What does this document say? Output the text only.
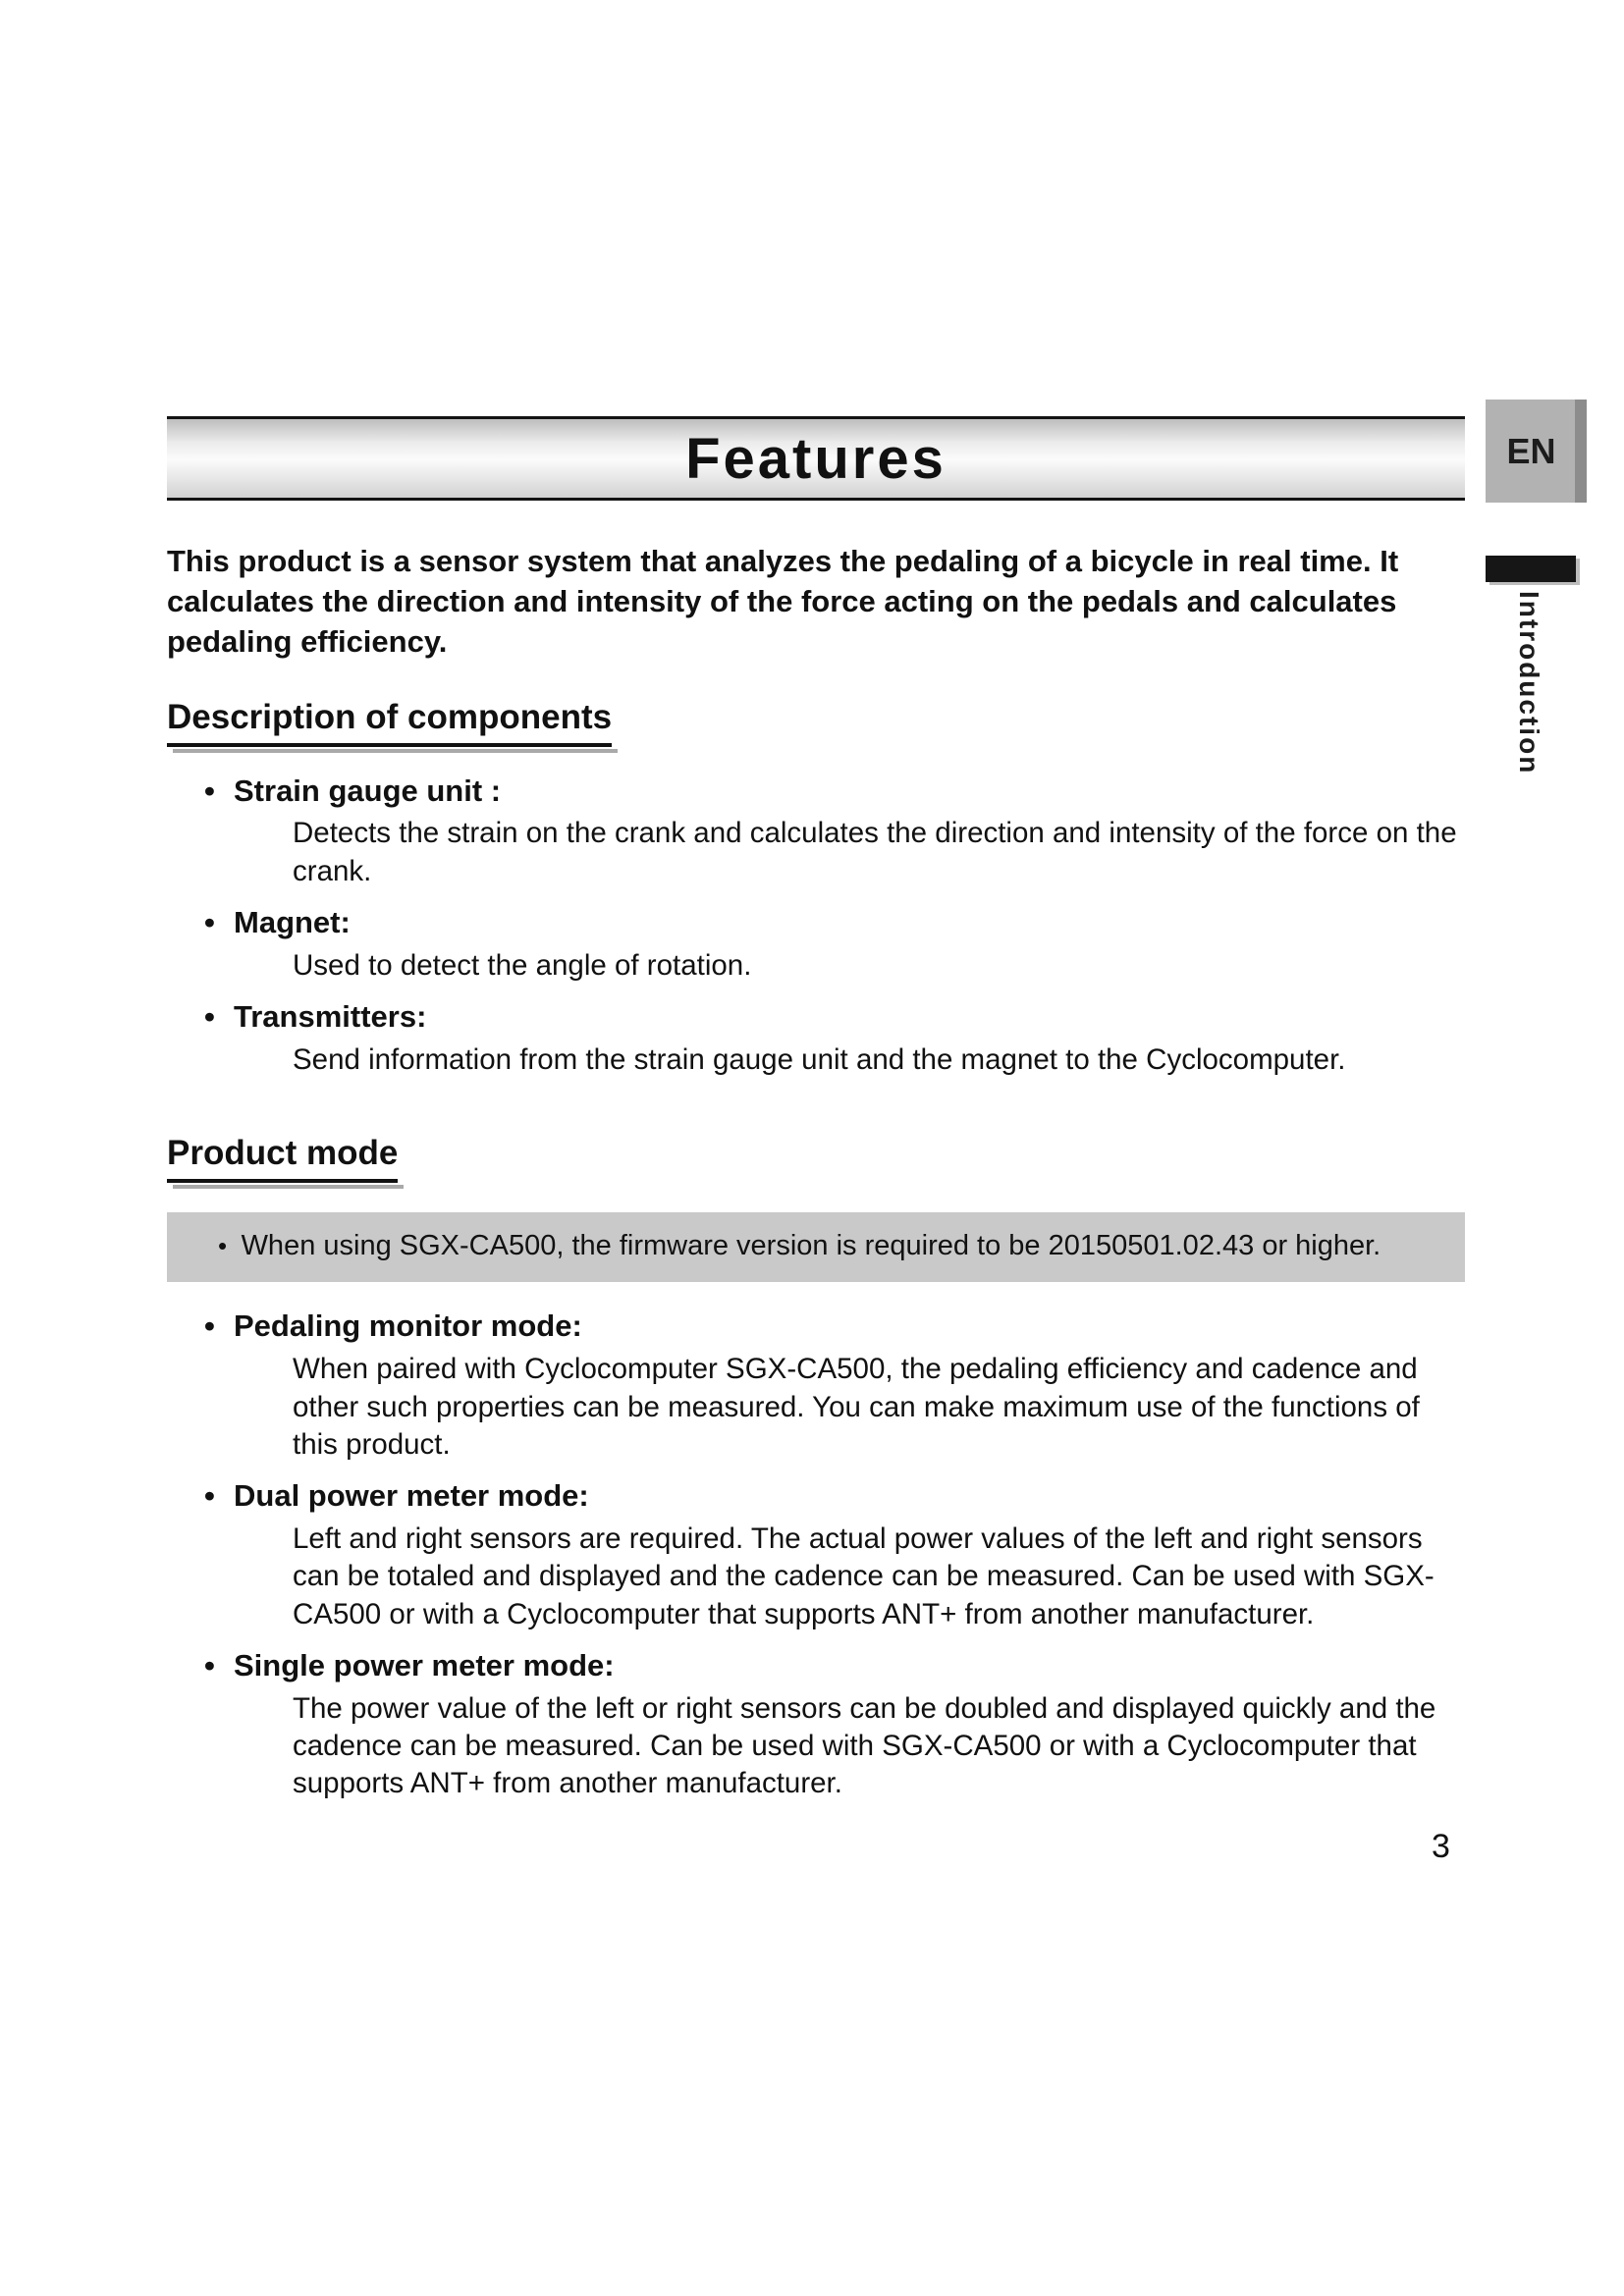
EN
Introduction
Features

This product is a sensor system that analyzes the pedaling of a bicycle in real time. It calculates the direction and intensity of the force acting on the pedals and calculates pedaling efficiency.

Description of components
• Strain gauge unit :
Detects the strain on the crank and calculates the direction and intensity of the force on the crank.
• Magnet:
Used to detect the angle of rotation.
• Transmitters:
Send information from the strain gauge unit and the magnet to the Cyclocomputer.
Product mode
•  When using SGX-CA500, the firmware version is required to be 20150501.02.43 or higher.
• Pedaling monitor mode:
When paired with Cyclocomputer SGX-CA500, the pedaling efficiency and cadence and other such properties can be measured. You can make maximum use of the functions of this product.
• Dual power meter mode:
Left and right sensors are required. The actual power values of the left and right sensors can be totaled and displayed and the cadence can be measured. Can be used with SGX-CA500 or with a Cyclocomputer that supports ANT+ from another manufacturer.
• Single power meter mode:
The power value of the left or right sensors can be doubled and displayed quickly and the cadence can be measured. Can be used with SGX-CA500 or with a Cyclocomputer that supports ANT+ from another manufacturer.
3
